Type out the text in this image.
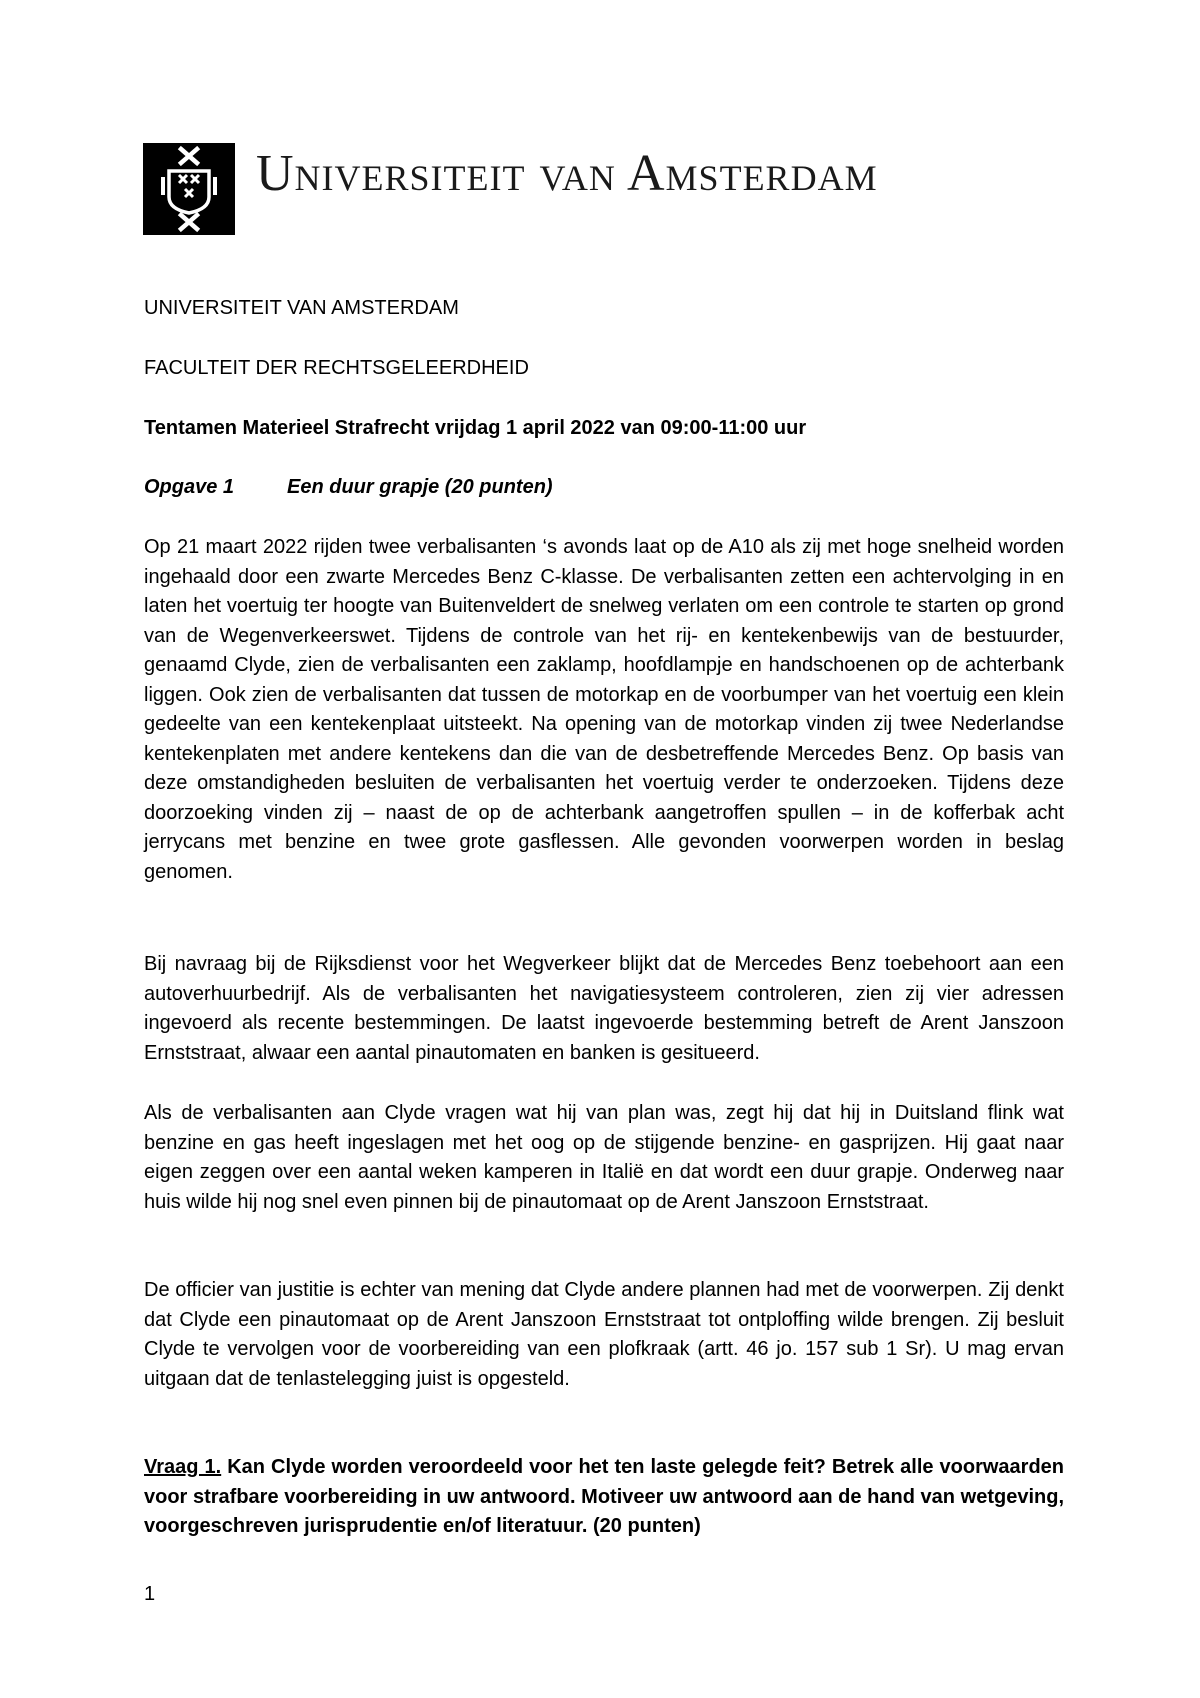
Universiteit van Amsterdam
UNIVERSITEIT VAN AMSTERDAM
FACULTEIT DER RECHTSGELEERDHEID
Tentamen Materieel Strafrecht vrijdag 1 april 2022 van 09:00-11:00 uur
Opgave 1	Een duur grapje (20 punten)

Op 21 maart 2022 rijden twee verbalisanten ‘s avonds laat op de A10 als zij met hoge snelheid worden ingehaald door een zwarte Mercedes Benz C-klasse. De verbalisanten zetten een achtervolging in en laten het voertuig ter hoogte van Buitenveldert de snelweg verlaten om een controle te starten op grond van de Wegenverkeerswet. Tijdens de controle van het rij- en kentekenbewijs van de bestuurder, genaamd Clyde, zien de verbalisanten een zaklamp, hoofdlampje en handschoenen op de achterbank liggen. Ook zien de verbalisanten dat tussen de motorkap en de voorbumper van het voertuig een klein gedeelte van een kentekenplaat uitsteekt. Na opening van de motorkap vinden zij twee Nederlandse kentekenplaten met andere kentekens dan die van de desbetreffende Mercedes Benz. Op basis van deze omstandigheden besluiten de verbalisanten het voertuig verder te onderzoeken. Tijdens deze doorzoeking vinden zij – naast de op de achterbank aangetroffen spullen – in de kofferbak acht jerrycans met benzine en twee grote gasflessen. Alle gevonden voorwerpen worden in beslag genomen.

Bij navraag bij de Rijksdienst voor het Wegverkeer blijkt dat de Mercedes Benz toebehoort aan een autoverhuurbedrijf. Als de verbalisanten het navigatiesysteem controleren, zien zij vier adressen ingevoerd als recente bestemmingen. De laatst ingevoerde bestemming betreft de Arent Janszoon Ernststraat, alwaar een aantal pinautomaten en banken is gesitueerd.

Als de verbalisanten aan Clyde vragen wat hij van plan was, zegt hij dat hij in Duitsland flink wat benzine en gas heeft ingeslagen met het oog op de stijgende benzine- en gasprijzen. Hij gaat naar eigen zeggen over een aantal weken kamperen in Italië en dat wordt een duur grapje. Onderweg naar huis wilde hij nog snel even pinnen bij de pinautomaat op de Arent Janszoon Ernststraat.

De officier van justitie is echter van mening dat Clyde andere plannen had met de voorwerpen. Zij denkt dat Clyde een pinautomaat op de Arent Janszoon Ernststraat tot ontploffing wilde brengen. Zij besluit Clyde te vervolgen voor de voorbereiding van een plofkraak (artt. 46 jo. 157 sub 1 Sr). U mag ervan uitgaan dat de tenlastelegging juist is opgesteld.

Vraag 1. Kan Clyde worden veroordeeld voor het ten laste gelegde feit? Betrek alle voorwaarden voor strafbare voorbereiding in uw antwoord. Motiveer uw antwoord aan de hand van wetgeving, voorgeschreven jurisprudentie en/of literatuur. (20 punten)

1
